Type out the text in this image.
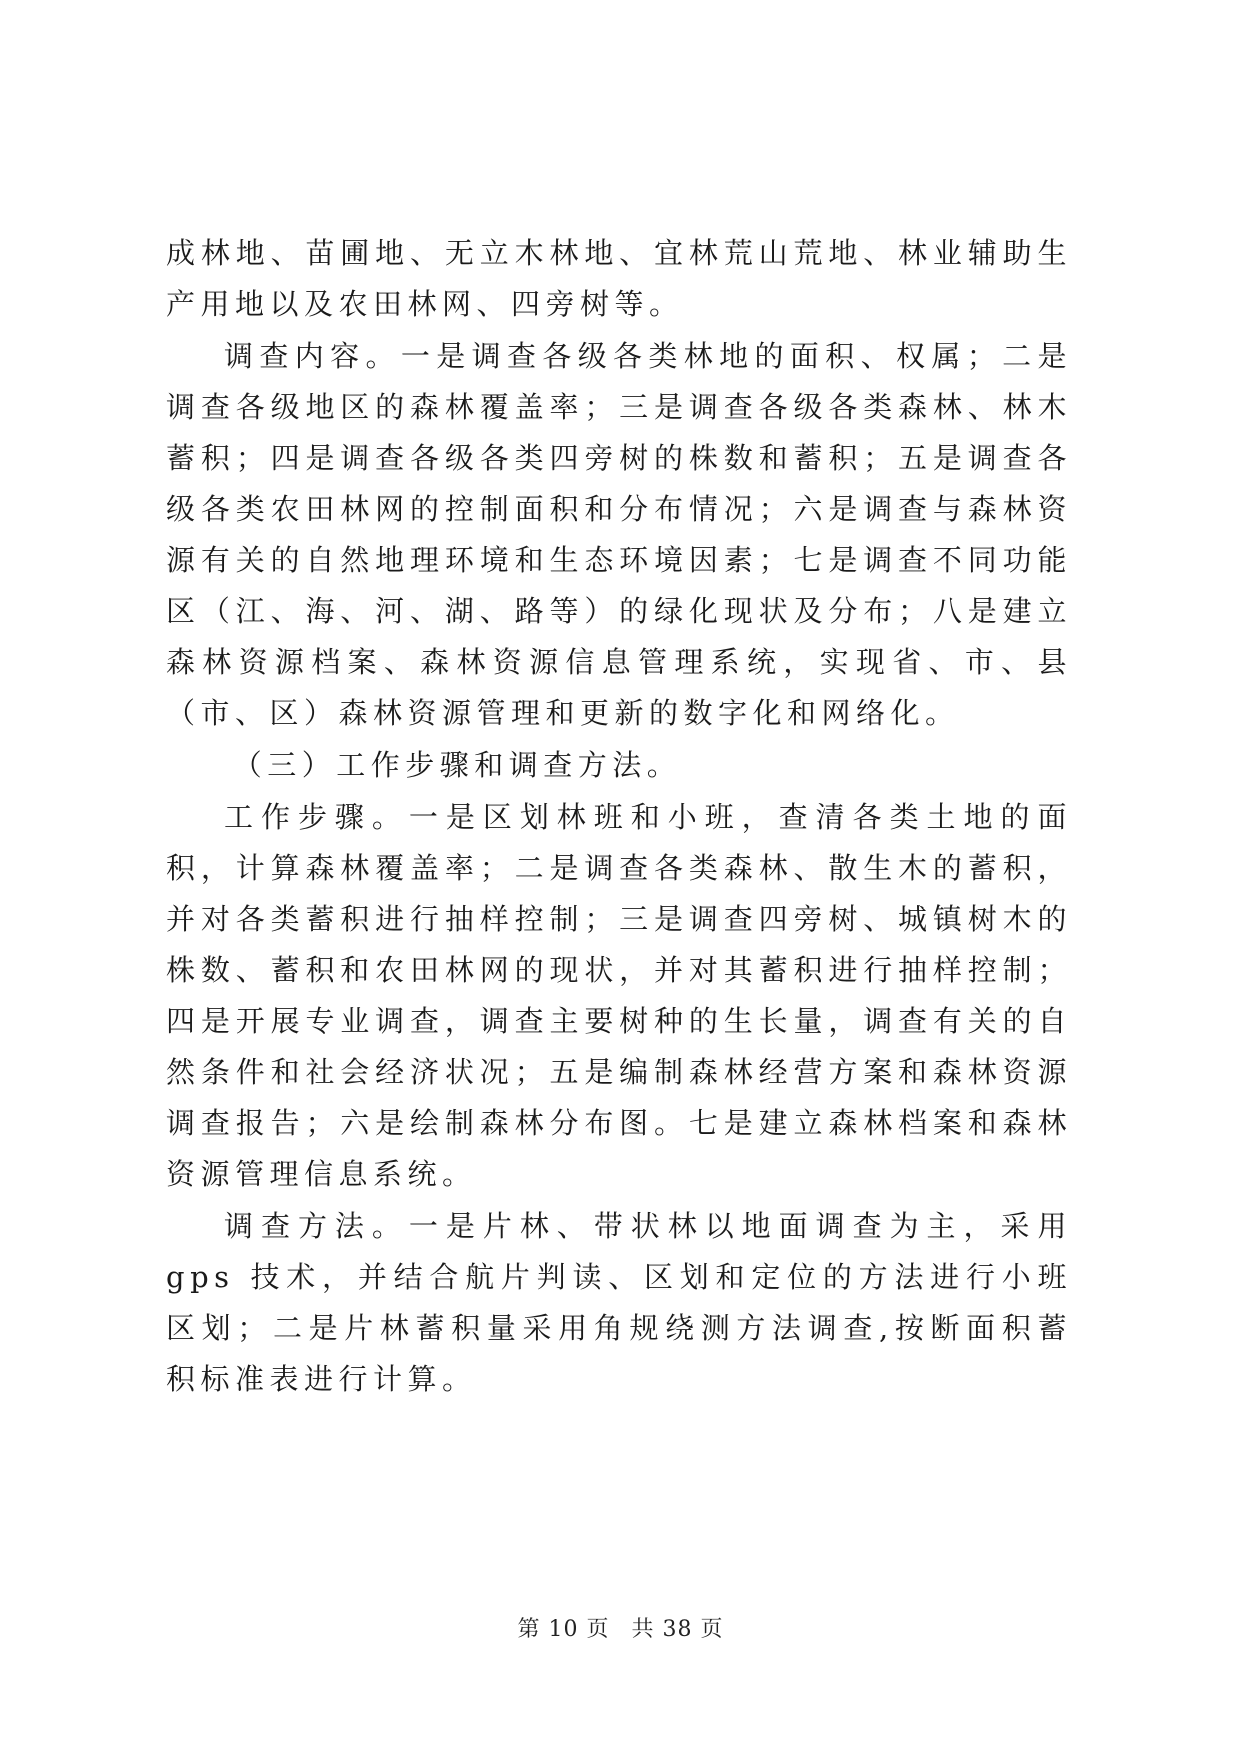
成林地、苗圃地、无立木林地、宜林荒山荒地、林业辅助生产用地以及农田林网、四旁树等。

调查内容。一是调查各级各类林地的面积、权属；二是调查各级地区的森林覆盖率；三是调查各级各类森林、林木蓄积；四是调查各级各类四旁树的株数和蓄积；五是调查各级各类农田林网的控制面积和分布情况；六是调查与森林资源有关的自然地理环境和生态环境因素；七是调查不同功能区（江、海、河、湖、路等）的绿化现状及分布；八是建立森林资源档案、森林资源信息管理系统，实现省、市、县（市、区）森林资源管理和更新的数字化和网络化。

（三）工作步骤和调查方法。

工作步骤。一是区划林班和小班，查清各类土地的面积，计算森林覆盖率；二是调查各类森林、散生木的蓄积，并对各类蓄积进行抽样控制；三是调查四旁树、城镇树木的株数、蓄积和农田林网的现状，并对其蓄积进行抽样控制；四是开展专业调查，调查主要树种的生长量，调查有关的自然条件和社会经济状况；五是编制森林经营方案和森林资源调查报告；六是绘制森林分布图。七是建立森林档案和森林资源管理信息系统。

调查方法。一是片林、带状林以地面调查为主，采用 gps 技术，并结合航片判读、区划和定位的方法进行小班区划；二是片林蓄积量采用角规绕测方法调查,按断面积蓄积标准表进行计算。

第 10 页 共 38 页
